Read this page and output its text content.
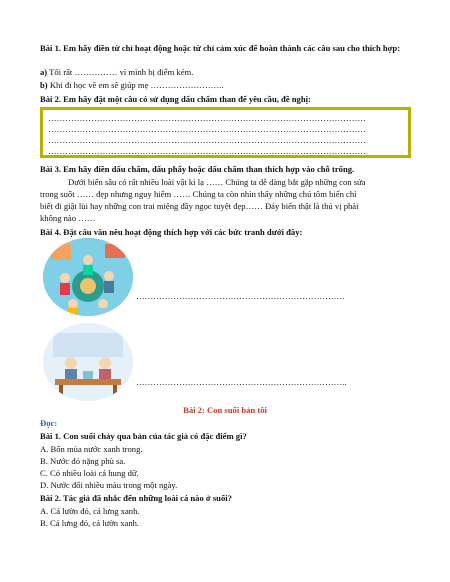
Bài 1. Em hãy điền từ chỉ hoạt động hoặc từ chỉ cảm xúc để hoàn thành các câu sau cho thích hợp:
a) Tôi rất …………… vì mình bị điểm kém.
b) Khi đi học về em sẽ giúp mẹ ……………………..
Bài 2. Em hãy đặt một câu có sử dụng dấu chấm than để yêu cầu, đề nghị:
…………………………………………………………………………………………………
…………………………………………………………………………………………………
…………………………………………………………………………………………………
…………………………………………………………………………………………………
Bài 3. Em hãy điền dấu chấm, dấu phẩy hoặc dấu chấm than thích hợp vào chỗ trống.
Dưới biển sâu có rất nhiều loài vật kì lạ …… Chúng ta dễ dàng bắt gặp những con sứa
trong suốt …… đẹp nhưng nguy hiểm …… Chúng ta còn nhìn thấy những chú tôm biển chỉ
biết đi giật lùi hay những con trai miệng đầy ngọc tuyệt đẹp…… Đáy biển thật là thú vị phải
không nào ……
Bài 4. Đặt câu văn nêu hoạt động thích hợp với các bức tranh dưới đây:
……………………………………………………………….
………………………………………………………………..
Bài 2: Con suối bản tôi
Đọc:
Bài 1. Con suối chảy qua bản của tác giả có đặc điểm gì?
A. Bốn mùa nước xanh trong.
B. Nước đỏ nặng phù sa.
C. Có nhiều loài cá hung dữ.
D. Nước đổi nhiều màu trong một ngày.
Bài 2. Tác giả đã nhắc đến những loài cá nào ở suối?
A. Cá lườn đỏ, cá lưng xanh.
B. Cá lưng đỏ, cá lườn xanh.
